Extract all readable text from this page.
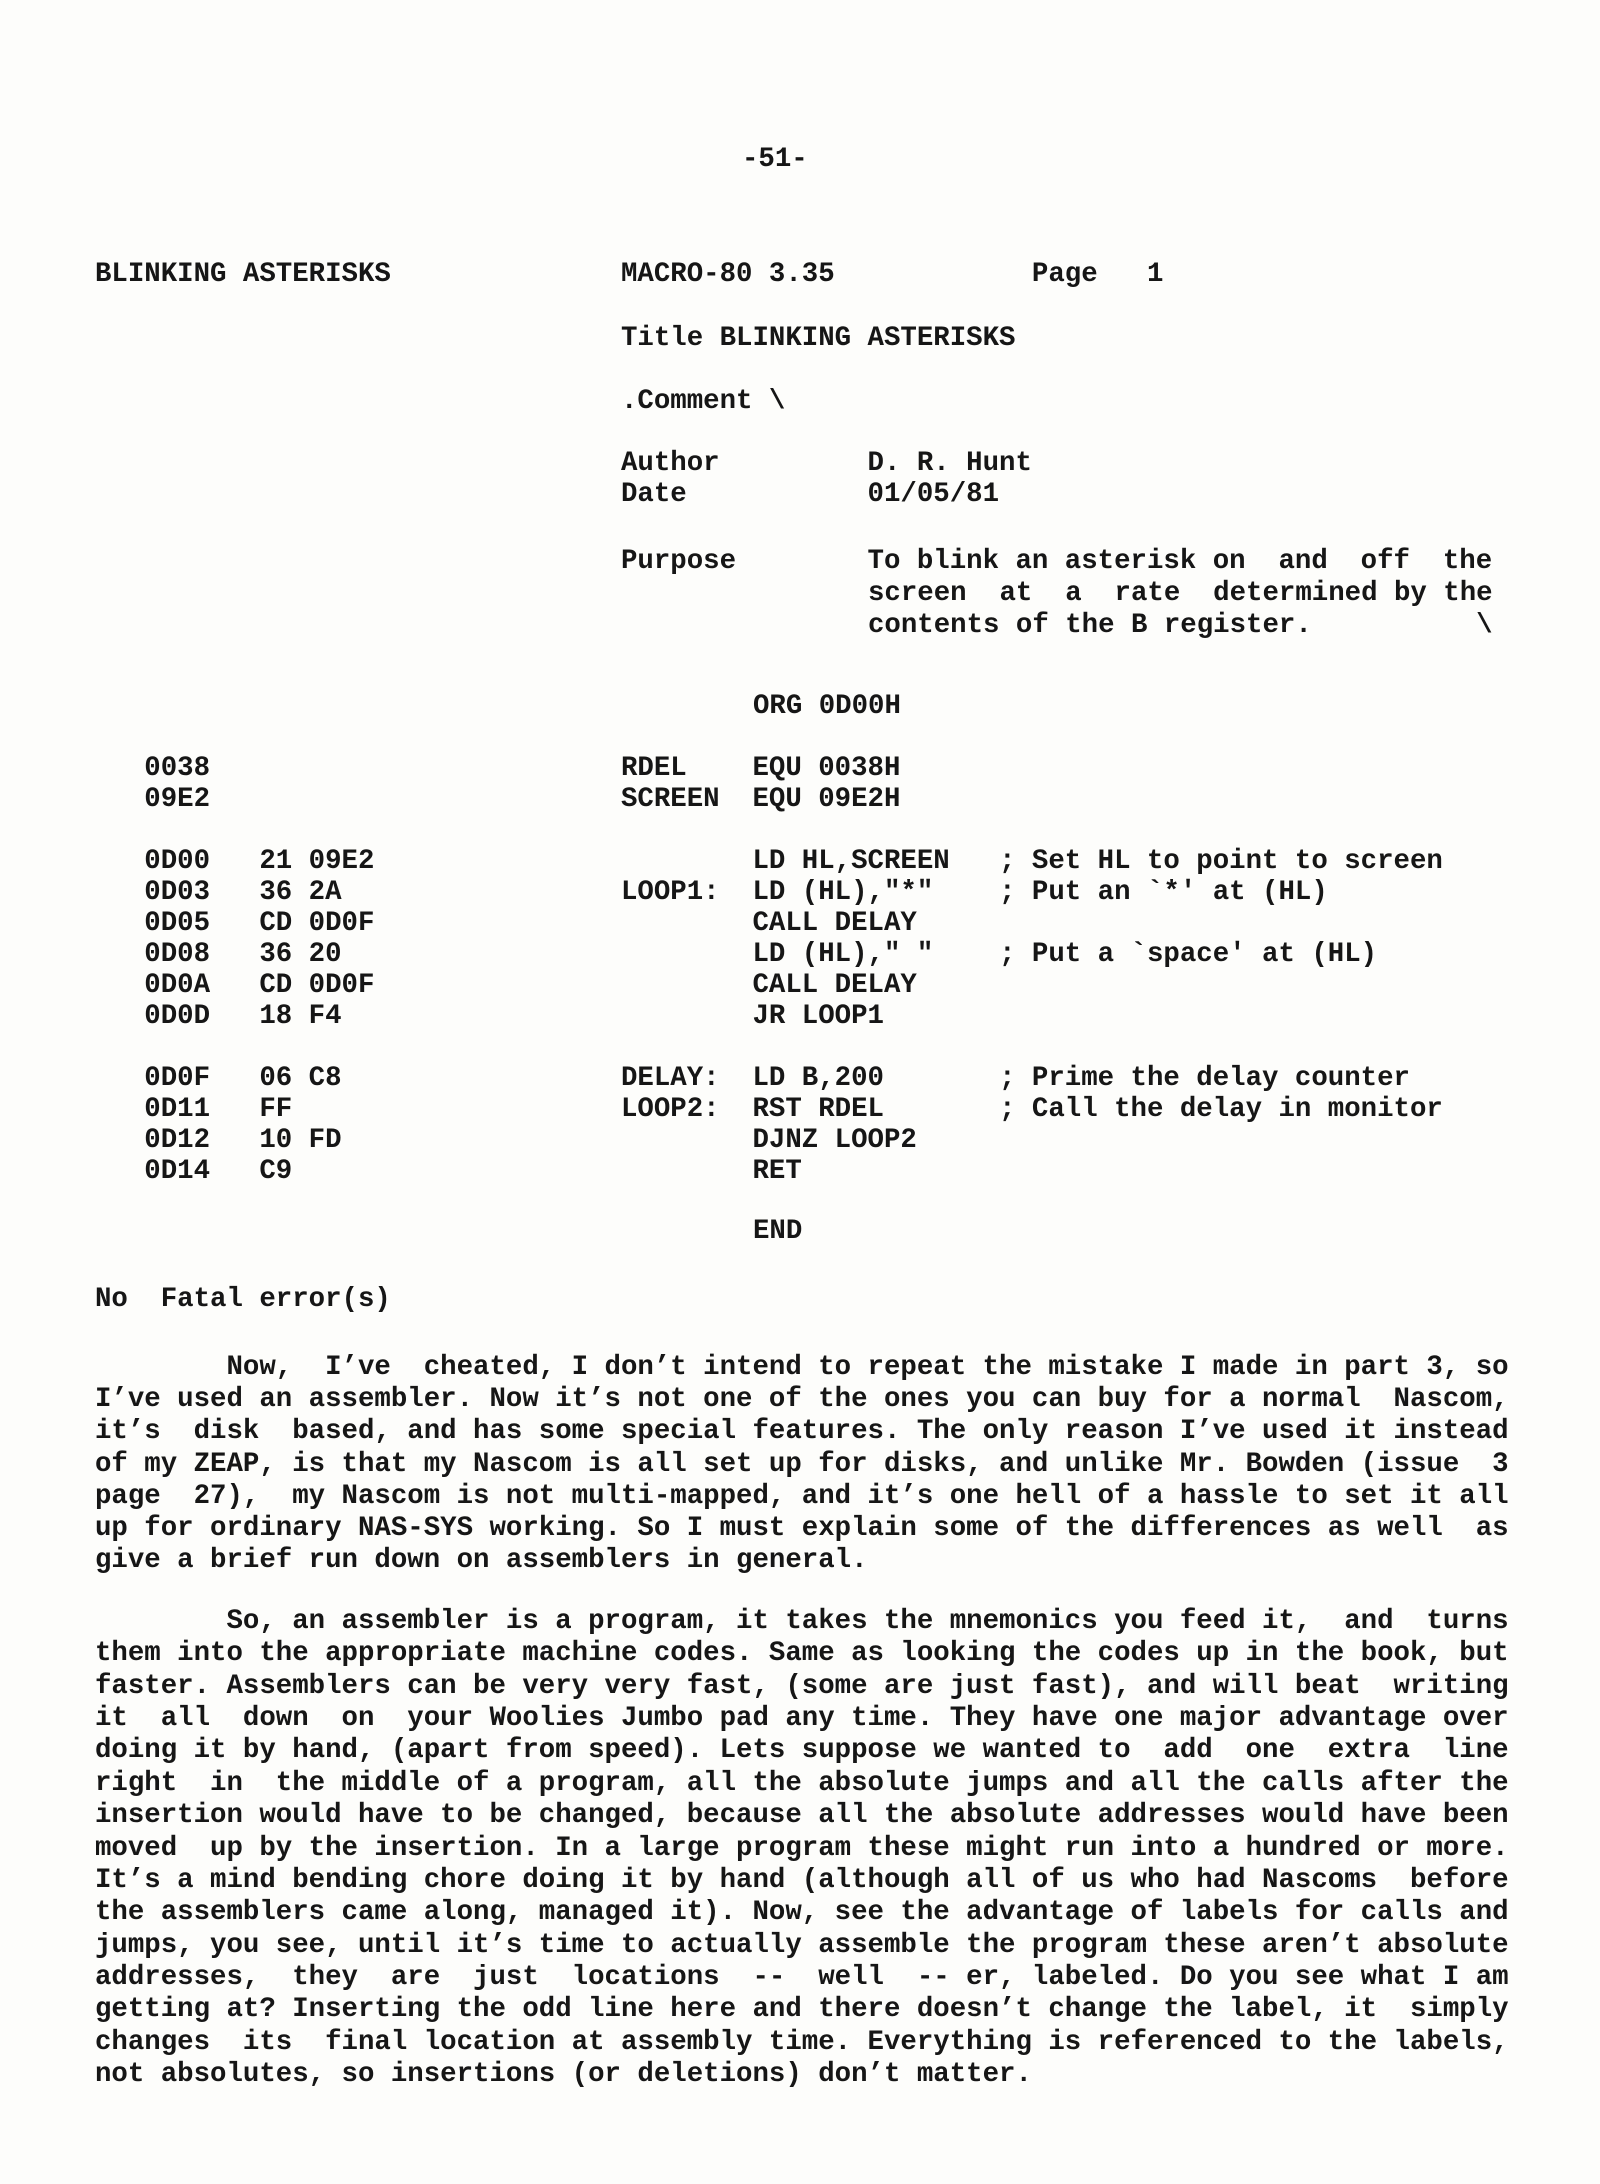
-51-
BLINKING ASTERISKS              MACRO-80 3.35            Page   1
Title BLINKING ASTERISKS
.Comment \
Author         D. R. Hunt
Date           01/05/81
Purpose        To blink an asterisk on  and  off  the
screen  at  a  rate  determined by the
contents of the B register.          \
ORG 0D00H
0038                         RDEL    EQU 0038H
09E2                         SCREEN  EQU 09E2H
0D00   21 09E2                       LD HL,SCREEN   ; Set HL to point to screen
0D03   36 2A                 LOOP1:  LD (HL),"*"    ; Put an `*' at (HL)
0D05   CD 0D0F                       CALL DELAY
0D08   36 20                         LD (HL)," "    ; Put a `space' at (HL)
0D0A   CD 0D0F                       CALL DELAY
0D0D   18 F4                         JR LOOP1
0D0F   06 C8                 DELAY:  LD B,200       ; Prime the delay counter
0D11   FF                    LOOP2:  RST RDEL       ; Call the delay in monitor
0D12   10 FD                         DJNZ LOOP2
0D14   C9                            RET
END
No  Fatal error(s)
Now,  I’ve  cheated, I don’t intend to repeat the mistake I made in part 3, so
I’ve used an assembler. Now it’s not one of the ones you can buy for a normal  Nascom,
it’s  disk  based, and has some special features. The only reason I’ve used it instead
of my ZEAP, is that my Nascom is all set up for disks, and unlike Mr. Bowden (issue  3
page  27),  my Nascom is not multi-mapped, and it’s one hell of a hassle to set it all
up for ordinary NAS-SYS working. So I must explain some of the differences as well  as
give a brief run down on assemblers in general.
So, an assembler is a program, it takes the mnemonics you feed it,  and  turns
them into the appropriate machine codes. Same as looking the codes up in the book, but
faster. Assemblers can be very very fast, (some are just fast), and will beat  writing
it  all  down  on  your Woolies Jumbo pad any time. They have one major advantage over
doing it by hand, (apart from speed). Lets suppose we wanted to  add  one  extra  line
right  in  the middle of a program, all the absolute jumps and all the calls after the
insertion would have to be changed, because all the absolute addresses would have been
moved  up by the insertion. In a large program these might run into a hundred or more.
It’s a mind bending chore doing it by hand (although all of us who had Nascoms  before
the assemblers came along, managed it). Now, see the advantage of labels for calls and
jumps, you see, until it’s time to actually assemble the program these aren’t absolute
addresses,  they  are  just  locations  --  well  -- er, labeled. Do you see what I am
getting at? Inserting the odd line here and there doesn’t change the label, it  simply
changes  its  final location at assembly time. Everything is referenced to the labels,
not absolutes, so insertions (or deletions) don’t matter.
